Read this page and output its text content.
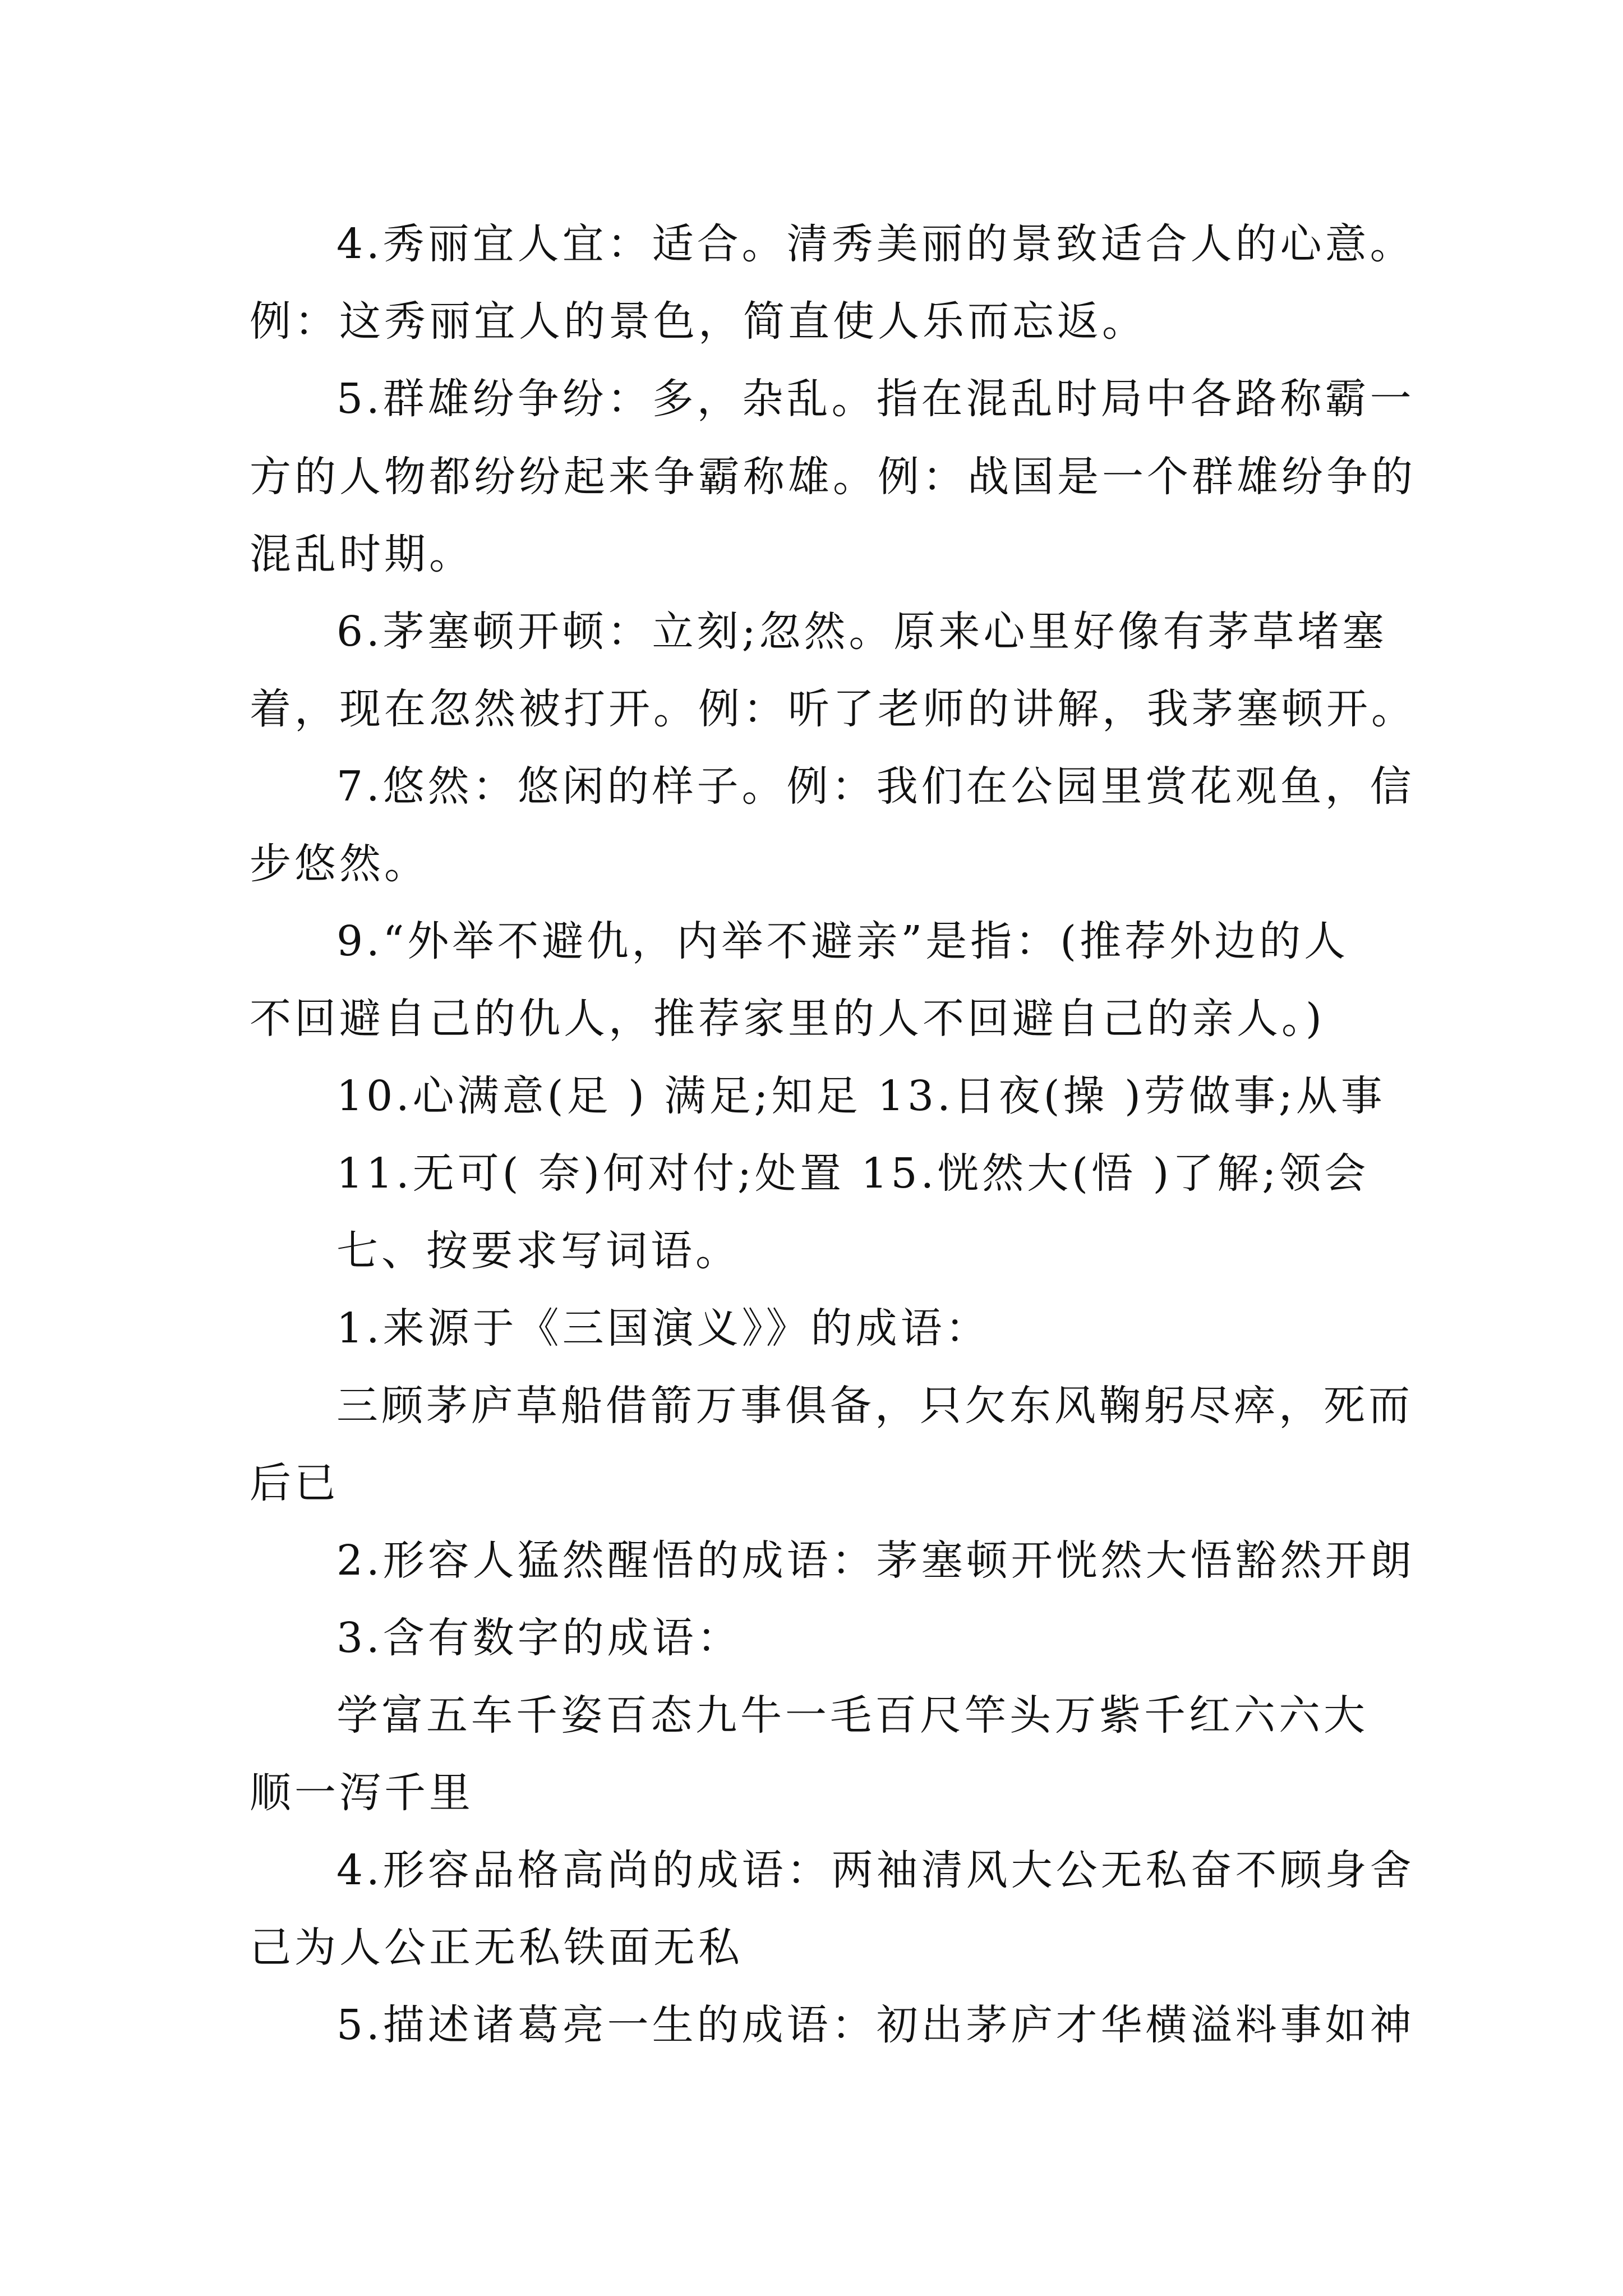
4.秀丽宜人宜：适合。清秀美丽的景致适合人的心意。
例：这秀丽宜人的景色，简直使人乐而忘返。
5.群雄纷争纷：多，杂乱。指在混乱时局中各路称霸一
方的人物都纷纷起来争霸称雄。例：战国是一个群雄纷争的
混乱时期。
6.茅塞顿开顿：立刻;忽然。原来心里好像有茅草堵塞
着，现在忽然被打开。例：听了老师的讲解，我茅塞顿开。
7.悠然：悠闲的样子。例：我们在公园里赏花观鱼，信
步悠然。
9.“外举不避仇，内举不避亲”是指：(推荐外边的人
不回避自己的仇人，推荐家里的人不回避自己的亲人。)
10.心满意(足 ) 满足;知足 13.日夜(操 )劳做事;从事
11.无可( 奈)何对付;处置 15.恍然大(悟 )了解;领会
七、按要求写词语。
1.来源于《三国演义》》的成语：
三顾茅庐草船借箭万事俱备，只欠东风鞠躬尽瘁，死而
后已
2.形容人猛然醒悟的成语：茅塞顿开恍然大悟豁然开朗
3.含有数字的成语：
学富五车千姿百态九牛一毛百尺竿头万紫千红六六大
顺一泻千里
4.形容品格高尚的成语：两袖清风大公无私奋不顾身舍
己为人公正无私铁面无私
5.描述诸葛亮一生的成语：初出茅庐才华横溢料事如神
